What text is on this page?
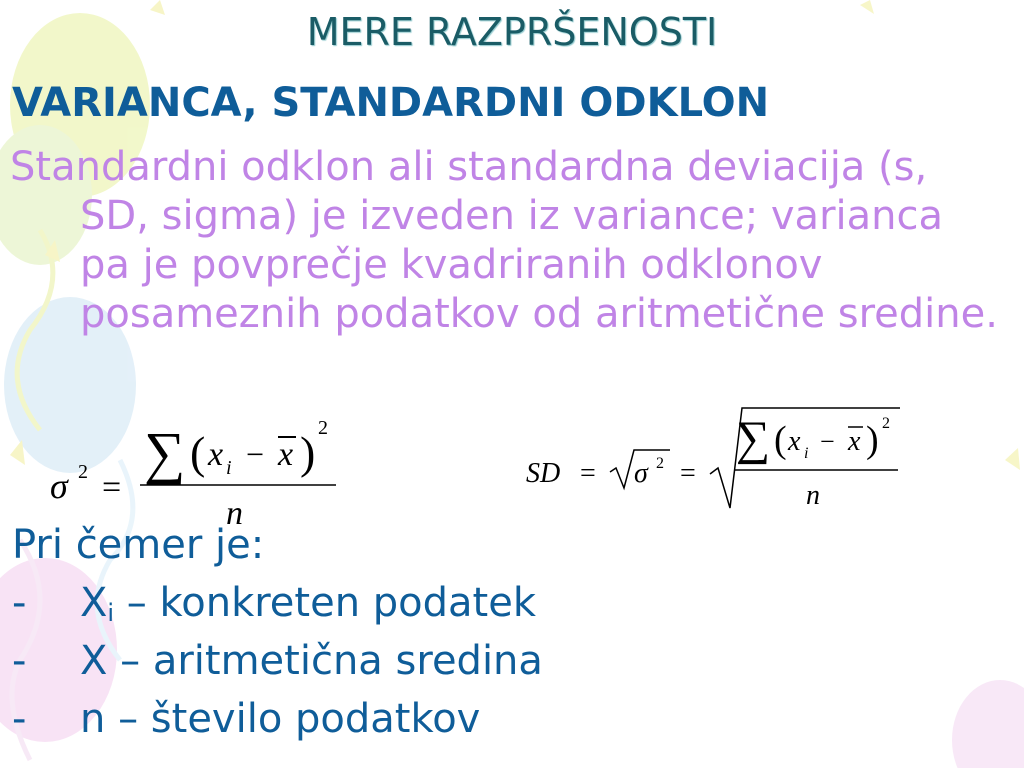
MERE RAZPRŠENOSTI
VARIANCA, STANDARDNI ODKLON
Standardni odklon ali standardna deviacija (s, SD, sigma) je izveden iz variance; varianca pa je povprečje kvadriranih odklonov posameznih podatkov od aritmetične sredine.
σ 2 =
∑ ( x i − x ) 2
n
SD = σ 2 =
∑ ( x i − x ) 2
n
Pri čemer je:
- $X_i$ – konkreten podatek
- X – aritmetična sredina
- n – število podatkov
